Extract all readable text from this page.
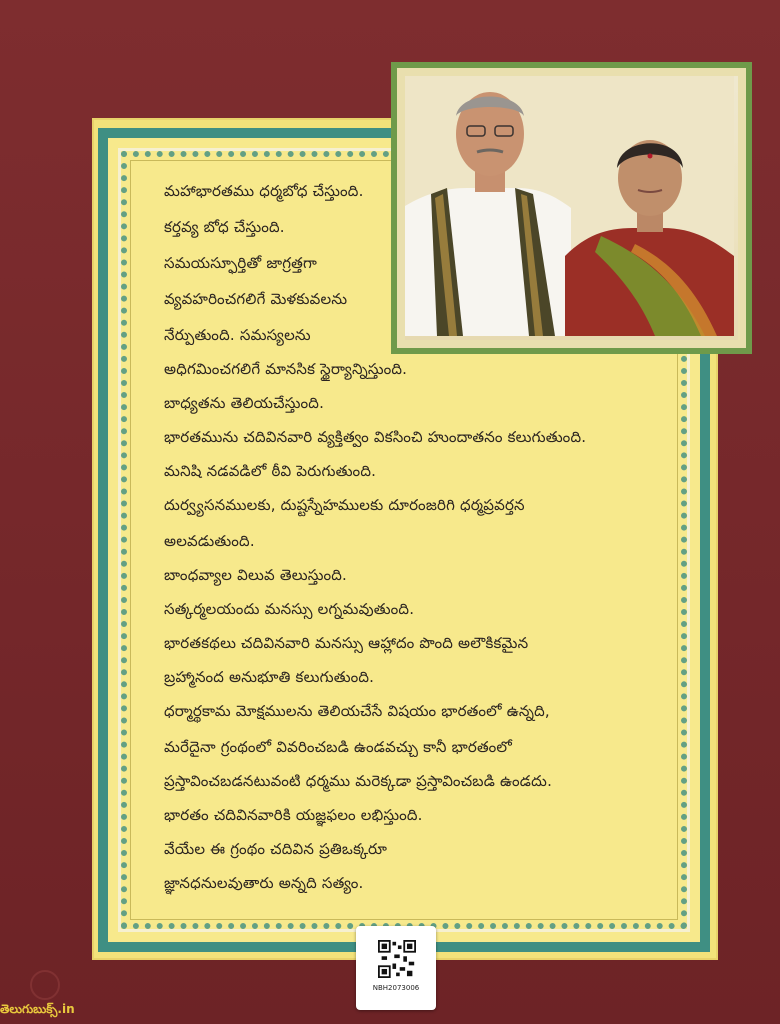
మహాభారతము ధర్మబోధ చేస్తుంది.
కర్తవ్య బోధ చేస్తుంది.
సమయస్ఫూర్తితో జాగ్రత్తగా
వ్యవహరించగలిగే మెళకువలను
నేర్పుతుంది. సమస్యలను
అధిగమించగలిగే మానసిక స్థైర్యాన్నిస్తుంది.
బాధ్యతను తెలియచేస్తుంది.
భారతమును చదివినవారి వ్యక్తిత్వం వికసించి హుందాతనం కలుగుతుంది.
మనిషి నడవడిలో ఠీవి పెరుగుతుంది.
దుర్వ్యసనములకు, దుష్టస్నేహములకు దూరంజరిగి ధర్మప్రవర్తన
అలవడుతుంది.
బాంధవ్యాల విలువ తెలుస్తుంది.
సత్కర్మలయందు మనస్సు లగ్నమవుతుంది.
భారతకథలు చదివినవారి మనస్సు ఆహ్లాదం పొంది అలౌకికమైన
బ్రహ్మానంద అనుభూతి కలుగుతుంది.
ధర్మార్థకామ మోక్షములను తెలియచేసే విషయం భారతంలో ఉన్నది,
మరేదైనా గ్రంథంలో వివరించబడి ఉండవచ్చు కానీ భారతంలో
ప్రస్తావించబడనటువంటి ధర్మము మరెక్కడా ప్రస్తావించబడి ఉండదు.
భారతం చదివినవారికి యజ్ఞఫలం లభిస్తుంది.
వేయేల ఈ గ్రంథం చదివిన ప్రతిఒక్కరూ
జ్ఞానధనులవుతారు అన్నది సత్యం.
NBH2073006
తెలుగుబుక్స్.in
